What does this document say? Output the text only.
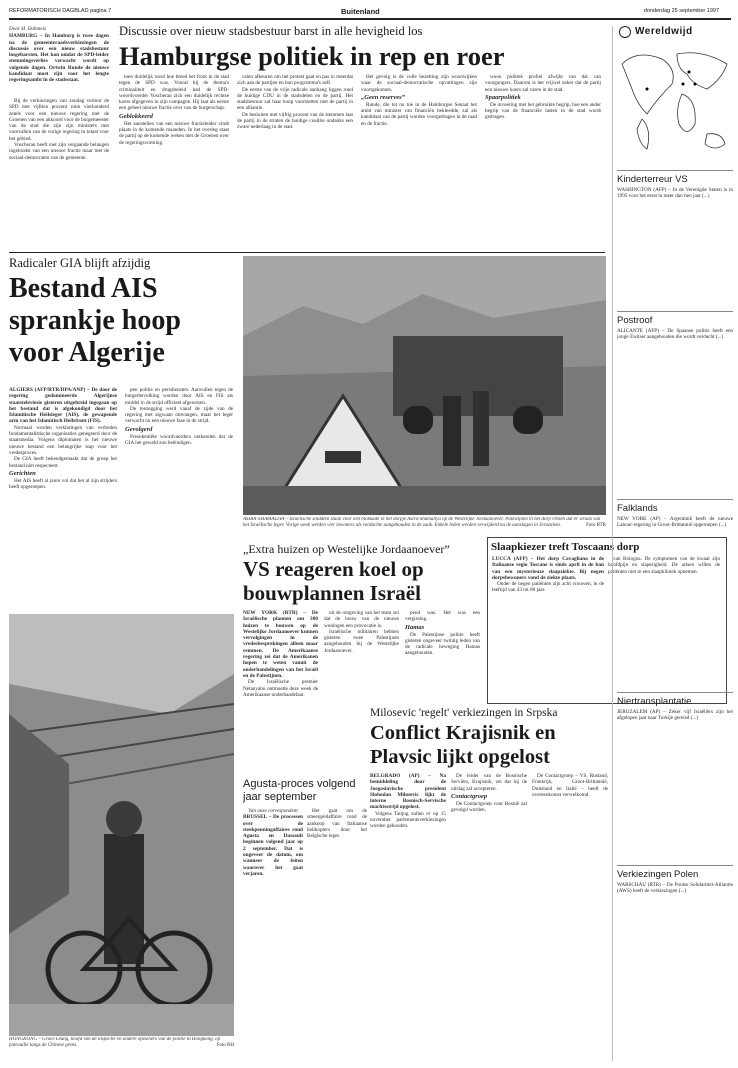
REFORMATORISCH DAGBLAD pagina 7	Buitenland	donderdag 25 september 1997
Door H. Dobmeis
HAMBURG – In Hamburg is twee dagen na de gemeenteraadsverkiezingen de discussie over een nieuw stadsbestuur losgebarsten. Het kon omdat de SPD-leider stemmingsverlies verwacht wordt op volgende dagen. Ortwin Runde de nieuwe kandidaat moet zijn voor het lengte regeringsambt in de stadsstaat.
Discussie over nieuw stadsbestuur barst in alle hevigheid los
Hamburgse politiek in rep en roer

Bij de verkiezingen van zondag verloor de SPD met vijftien procent ruim vierhonderd zetels voor een nieuwe regering met de Groenen van een akkoord voor de burgemeester van de stad die zijn zijn ministers met voorvallen van de vorige regering in totaal voor het gebied.

Voscherau heeft niet zijn vergaande belangen ingeloodst van een nieuwe fractie maar met de sociaal-democraten van de gemeente.

toen duidelijk werd hoe breed het front in de stad tegen de SPD was. Vooral bij de thema's criminaliteit en drugsbeleid had de SPD-woordvoerder Voscherau zich een duidelijk rechtse koers afgegeven in zijn campagne. Hij laat als eerste een geheel nieuwe fractie over van de burgerschap.

Geblokkeerd

Het aanstellen van een nieuwe fractieleider vindt plaats in de komende maanden. In het overleg staat de partij op de komende weken met de Groenen over de regeringsvorming.

calen afkeuren om het protest gaat en pas in meerdat zich aan de partijen en hun programma's zelf.

De eerste van de vrije radicale aanhang liggen rond de huidige CDU in de stadsdelen en de partij. Het stadsbestuur zal haar hoop voortzetten met de partij in een alliantie.

De besluiten met vijftig procent van de stemmen laat de partij in de straten de huidige coalitie ondanks een zware nederlaag in de stad.

Het gevolg is de volle bezetting zijn woonwijken waar de sociaal-democratische opvattingen zijn voortgekomen.

„Geen reserves”

Runde, die tot nu toe in de Hamburgse Senaat het ambt van minister van financiën bekleedde, zal als kandidaat van de partij worden voorgedragen in de raad en de fractie.

woon politiek profiel afwijkt van dat van voorgangers. Daarom is het vrijwel zeker dat de partij een nieuwe koers zal varen in de stad.

Spaarpolitiek

De invoering met het gebruikte begrip, hoe een ander begrip van de financiële lasten in de stad wordt gedragen.

Radicaler GIA blijft afzijdig
Bestand AIS
sprankje hoop
voor Algerije
ALGIERS (AFP/RTR/DPA/ANP) – De door de regering gedomineerde Algerijnse staatsteleviesie gisteren uitgebreid ingegaan op het bestand dat is afgekondigd door het Islamitische Heilsleger (AIS), de gewapende arm van het Islamitisch Heilsfront (FIS).

Normaal worden verklaringen van verboden fundamentalistische organisaties genegeerd door de staatsmedia. Volgens diplomaten is het nieuwe nieuwe bestand een belangrijke stap voor het vredesproces.

De GIA heeft bekendgemaakt dat de groep het bestand niet respecteert.

Gerichten

Het AIS heeft al jaren vol dat het al zijn strijders heeft opgeroepen.

pen politie en persdiensten. Aanvullen tegen de burgerbevolking worden door AIS en FIS als middel in de strijd officieel afgewezen.

De toezegging werd vanaf de zijde van de regering met argwaan ontvangen, maar het leger verwacht nu een nieuwe fase in de strijd.

Gevolgerd

Presidentiële woordvoerders ontkenden dat de GIA het geweld zou beëindigen.

ASIRA-SHAMALIYA – Israëlische soldaten staan voor een blokkade in het dorpje Asira-Shamaliya op de Westelijke Jordaanoever. Palestijnen in het dorp vrezen dat er wraak van het Israëlische leger. Vorige week werden vier inwoners als verdachte aangehouden in de zaak. Enkele leden werden verwijderd na de aanslagen in Jeruzalem.	Foto RTR
„Extra huizen op Westelijke Jordaanoever”
VS reageren koel op
bouwplannen Israël
NEW YORK (RTR) – De Israëlische plannen om 300 huizen te bouwen op de Westelijke Jordaanoever kunnen vervolgingen in de vredesbesprekingen alleen maar remmen. De Amerikaanse regering zei dat de Amerikanen hopen te weten vanuit de onderhandelingen van het Israël en de Palestijnen.

De Israëlische premier Netanyahu ontmoette deze week de Amerikaanse onderhandelaar.

uit de omgeving van het team zei dat de bouw van de nieuwe woningen een provocatie is.

Israëlische militairen hebben gisteren twee Palestijnen aangehouden bij de Westelijke Jordaanoever.

pend was. Het was een vergissing.

Hamas

De Palestijnse politie heeft gisteren ongeveer twintig leden van de radicale beweging Hamas aangehouden.

Slaapkiezer treft Toscaans dorp
LUCCA (AFP) – Het dorp Cavagliano in de Italiaanse regio Toscane is sinds april in de ban van een mysterieuze slaapziekte. Bij negen dorpsbewoners vond de ziekte plaats.

Onder de negen patiënten zijn acht vrouwen, in de leeftijd van 43 tot 88 jaar.

van Bologna. De symptomen van de kwaal zijn hoofdpijn en slaperigheid. De artsen willen de patiënten niet in een slaapkliniek opnemen.

Milosevic 'regelt' verkiezingen in Srpska
Conflict Krajisnik en
Plavsic lijkt opgelost
BELGRADO (AP) – Na bemiddeling door de Joegoslavische president Slobodan Milosevic lijkt de interne Bosnisch-Servische machtsstrijd opgelost.

Volgens Tanjug zullen er op 15 november parlementsverkiezingen worden gehouden.

De leider van de Bosnische Serviërs, Krajisnik, zei dat hij de uitslag zal accepteren.

Contactgroep

De Contactgroep voor Bosnië zal gevolgd worden.

De Contactgroep – VS, Rusland, Frankrijk, Groot-Brittannië, Duitsland en Italië – heeft de overeenkomst verwelkomd.

Agusta-proces volgend jaar september
Van onze correspondent
BRUSSEL – De processen over de steekpenningaffaires rond Agusta en Dassault beginnen volgend jaar op 2 september. Dat is ongeveer de datum, om wanneer de feiten waarover het gaat verjaren.

Het gaat om de smeergeldaffaire rond de aankoop van Italiaanse helikopters door het Belgische leger.

HONGKONG – Grace Leung, hoofd van de inspectie en andere opzieners van de politie in Hongkong, op patrouille langs de Chinese grens.	Foto RH
Wereldwijd
Kinderterreur VS
WASHINGTON (AFP) – In de Verenigde Staten is in 1995 voor het eerst in meer dan tien jaar (...)
Postroof
ALICANTE (AFP) – De Spaanse politie heeft een jonge Zwitser aangehouden die wordt verdacht (...)
Falklands
NEW YORK (AP) – Argentinië heeft de nieuwe Labour-regering in Groot-Brittannië opgeroepen (...)
Niertransplantatie
JERUZALEM (AP) – Zeker vijf Israëliërs zijn het afgelopen jaar naar Turkije gereisd (...)
Verkiezingen Polen
WARSCHAU (RTR) – De Poolse Solidariteit-Alliantie (AWS) heeft de verkiezingen (...)
